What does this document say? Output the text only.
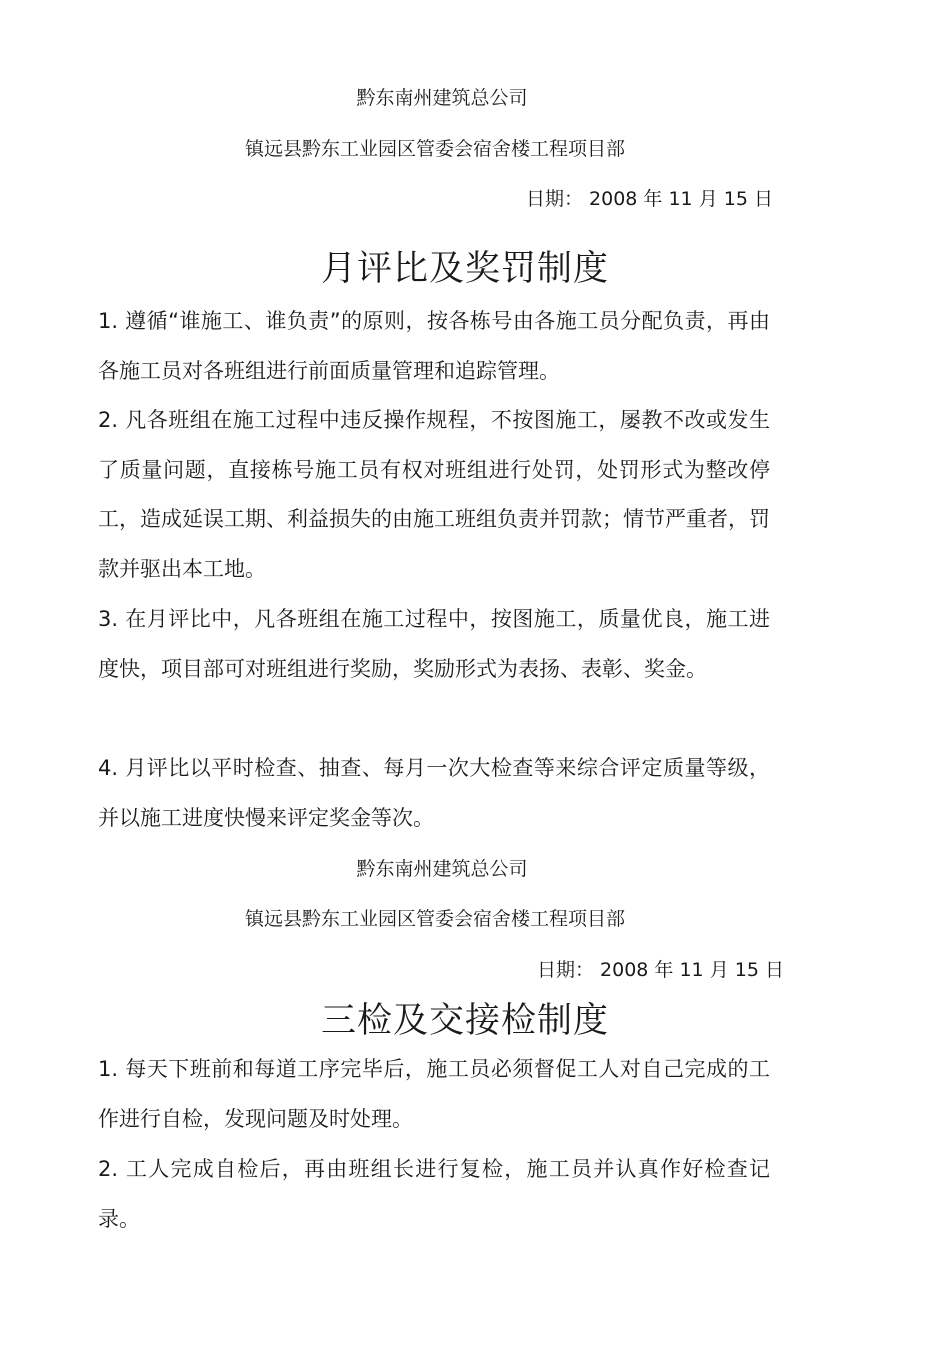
黔东南州建筑总公司
镇远县黔东工业园区管委会宿舍楼工程项目部
日期： 2008 年 11 月 15 日
月评比及奖罚制度

1. 遵循“谁施工、谁负责”的原则，按各栋号由各施工员分配负责，再由各施工员对各班组进行前面质量管理和追踪管理。

2. 凡各班组在施工过程中违反操作规程，不按图施工，屡教不改或发生了质量问题，直接栋号施工员有权对班组进行处罚，处罚形式为整改停工，造成延误工期、利益损失的由施工班组负责并罚款；情节严重者，罚款并驱出本工地。

3. 在月评比中，凡各班组在施工过程中，按图施工，质量优良，施工进度快，项目部可对班组进行奖励，奖励形式为表扬、表彰、奖金。

4. 月评比以平时检查、抽查、每月一次大检查等来综合评定质量等级，并以施工进度快慢来评定奖金等次。

黔东南州建筑总公司
镇远县黔东工业园区管委会宿舍楼工程项目部
日期： 2008 年 11 月 15 日
三检及交接检制度

1. 每天下班前和每道工序完毕后，施工员必须督促工人对自己完成的工作进行自检，发现问题及时处理。

2. 工人完成自检后，再由班组长进行复检，施工员并认真作好检查记录。
